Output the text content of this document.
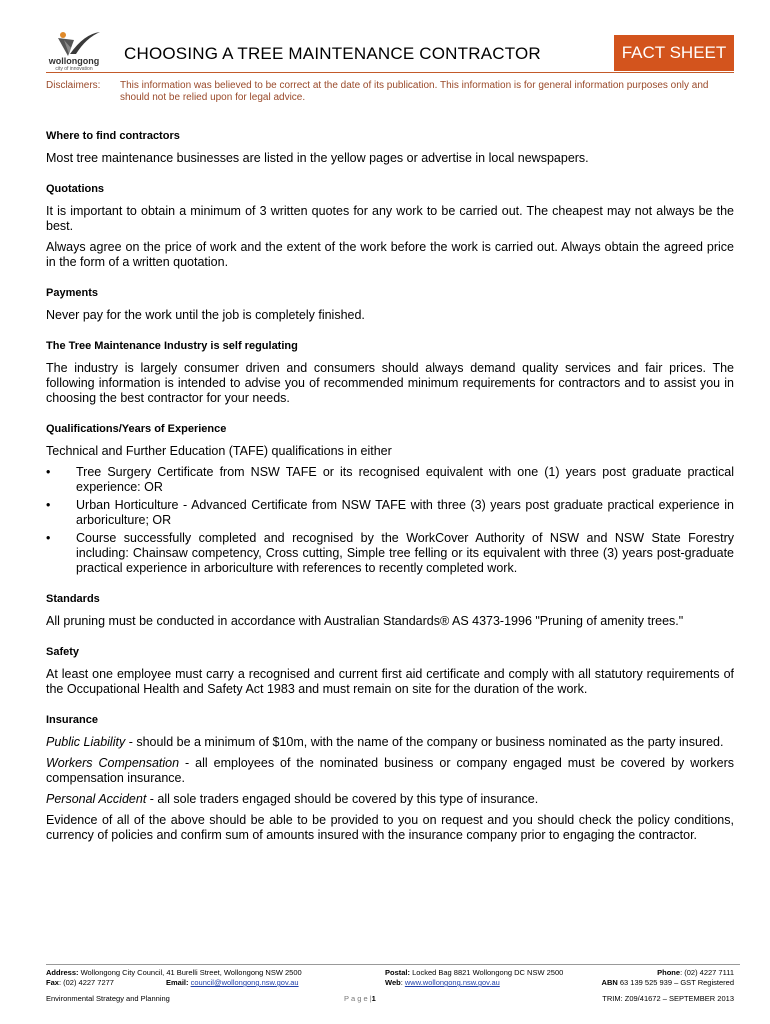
wollongong
city of innovation
CHOOSING A TREE MAINTENANCE CONTRACTOR	FACT SHEET
Disclaimers: This information was believed to be correct at the date of its publication. This information is for general information purposes only and should not be relied upon for legal advice.
Where to find contractors

Most tree maintenance businesses are listed in the yellow pages or advertise in local newspapers.

Quotations

It is important to obtain a minimum of 3 written quotes for any work to be carried out. The cheapest may not always be the best.

Always agree on the price of work and the extent of the work before the work is carried out. Always obtain the agreed price in the form of a written quotation.

Payments

Never pay for the work until the job is completely finished.

The Tree Maintenance Industry is self regulating

The industry is largely consumer driven and consumers should always demand quality services and fair prices. The following information is intended to advise you of recommended minimum requirements for contractors and to assist you in choosing the best contractor for your needs.

Qualifications/Years of Experience

Technical and Further Education (TAFE) qualifications in either

• Tree Surgery Certificate from NSW TAFE or its recognised equivalent with one (1) years post graduate practical experience: OR
• Urban Horticulture - Advanced Certificate from NSW TAFE with three (3) years post graduate practical experience in arboriculture; OR
• Course successfully completed and recognised by the WorkCover Authority of NSW and NSW State Forestry including: Chainsaw competency, Cross cutting, Simple tree felling or its equivalent with three (3) years post-graduate practical experience in arboriculture with references to recently completed work.
Standards

All pruning must be conducted in accordance with Australian Standards® AS 4373-1996 "Pruning of amenity trees."

Safety

At least one employee must carry a recognised and current first aid certificate and comply with all statutory requirements of the Occupational Health and Safety Act 1983 and must remain on site for the duration of the work.

Insurance

Public Liability - should be a minimum of $10m, with the name of the company or business nominated as the party insured.

Workers Compensation - all employees of the nominated business or company engaged must be covered by workers compensation insurance.

Personal Accident - all sole traders engaged should be covered by this type of insurance.

Evidence of all of the above should be able to be provided to you on request and you should check the policy conditions, currency of policies and confirm sum of amounts insured with the insurance company prior to engaging the contractor.

Address: Wollongong City Council, 41 Burelli Street, Wollongong NSW 2500
Fax: (02) 4227 7277	Email: council@wollongong.nsw.gov.au
Postal: Locked Bag 8821 Wollongong DC NSW 2500
Web: www.wollongong.nsw.gov.au
Phone: (02) 4227 7111
ABN 63 139 525 939 – GST Registered
Environmental Strategy and Planning	P a g e |1	TRIM: Z09/41672 – SEPTEMBER 2013
